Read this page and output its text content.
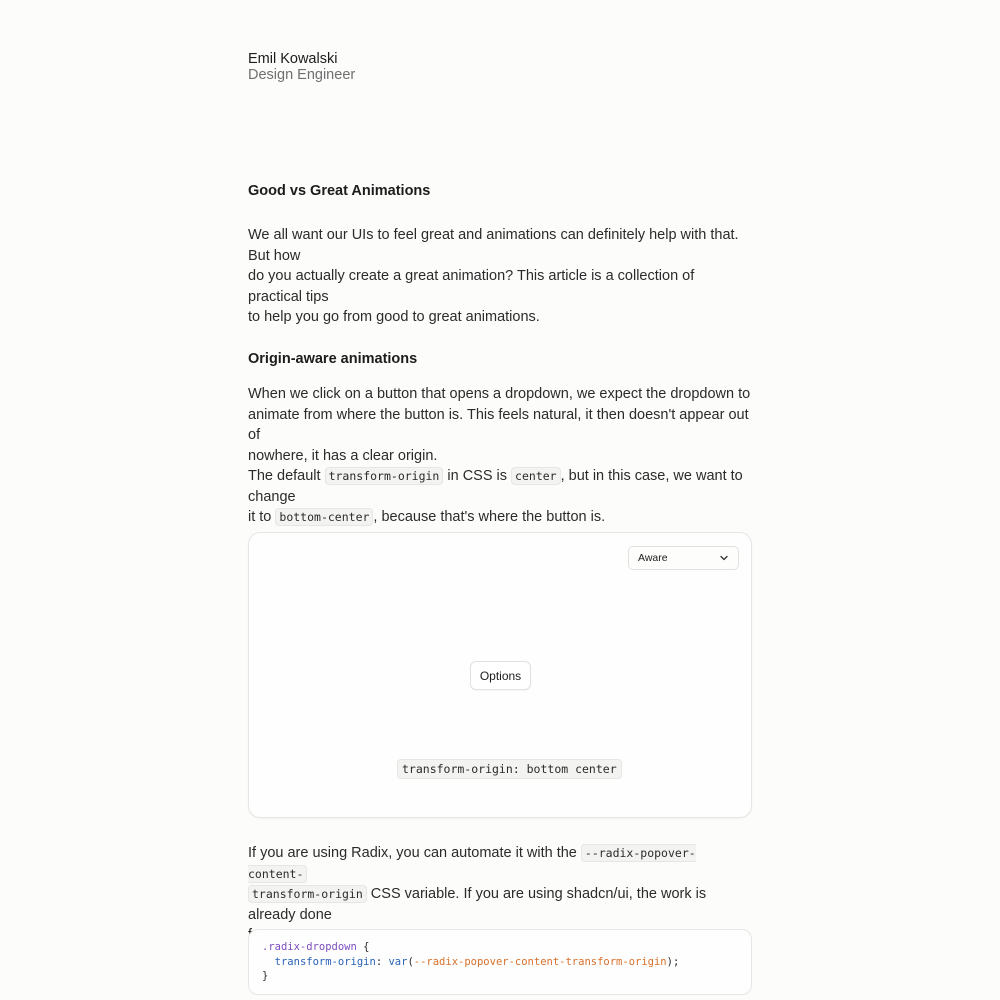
Emil Kowalski
Design Engineer
Good vs Great Animations
We all want our UIs to feel great and animations can definitely help with that. But how
do you actually create a great animation? This article is a collection of practical tips
to help you go from good to great animations.
Origin-aware animations
When we click on a button that opens a dropdown, we expect the dropdown to
animate from where the button is. This feels natural, it then doesn't appear out of
nowhere, it has a clear origin.
The default transform-origin in CSS is center , but in this case, we want to change
it to bottom-center , because that's where the button is.
Aware
Options
transform-origin: bottom center
If you are using Radix, you can automate it with the --radix-popover-content-
transform-origin CSS variable. If you are using shadcn/ui, the work is already done
.radix-dropdown {
transform-origin: var(--radix-popover-content-transform-origin);
}
